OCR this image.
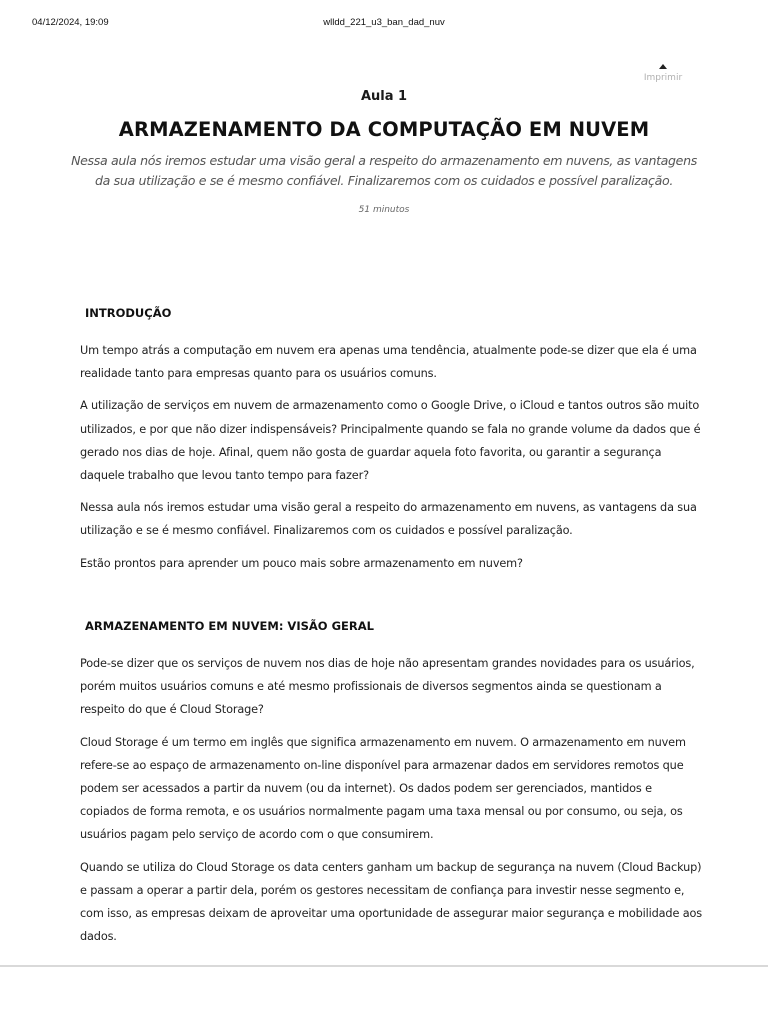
04/12/2024, 19:09	wlldd_221_u3_ban_dad_nuv
Imprimir

Aula 1

ARMAZENAMENTO DA COMPUTAÇÃO EM NUVEM

Nessa aula nós iremos estudar uma visão geral a respeito do armazenamento em nuvens, as vantagens da sua utilização e se é mesmo confiável. Finalizaremos com os cuidados e possível paralização.

51 minutos
INTRODUÇÃO

Um tempo atrás a computação em nuvem era apenas uma tendência, atualmente pode-se dizer que ela é uma realidade tanto para empresas quanto para os usuários comuns.

A utilização de serviços em nuvem de armazenamento como o Google Drive, o iCloud e tantos outros são muito utilizados, e por que não dizer indispensáveis? Principalmente quando se fala no grande volume da dados que é gerado nos dias de hoje. Afinal, quem não gosta de guardar aquela foto favorita, ou garantir a segurança daquele trabalho que levou tanto tempo para fazer?

Nessa aula nós iremos estudar uma visão geral a respeito do armazenamento em nuvens, as vantagens da sua utilização e se é mesmo confiável. Finalizaremos com os cuidados e possível paralização.

Estão prontos para aprender um pouco mais sobre armazenamento em nuvem?

ARMAZENAMENTO EM NUVEM: VISÃO GERAL

Pode-se dizer que os serviços de nuvem nos dias de hoje não apresentam grandes novidades para os usuários, porém muitos usuários comuns e até mesmo profissionais de diversos segmentos ainda se questionam a respeito do que é Cloud Storage?

Cloud Storage é um termo em inglês que significa armazenamento em nuvem. O armazenamento em nuvem refere-se ao espaço de armazenamento on-line disponível para armazenar dados em servidores remotos que podem ser acessados a partir da nuvem (ou da internet). Os dados podem ser gerenciados, mantidos e copiados de forma remota, e os usuários normalmente pagam uma taxa mensal ou por consumo, ou seja, os usuários pagam pelo serviço de acordo com o que consumirem.

Quando se utiliza do Cloud Storage os data centers ganham um backup de segurança na nuvem (Cloud Backup) e passam a operar a partir dela, porém os gestores necessitam de confiança para investir nesse segmento e, com isso, as empresas deixam de aproveitar uma oportunidade de assegurar maior segurança e mobilidade aos dados.
